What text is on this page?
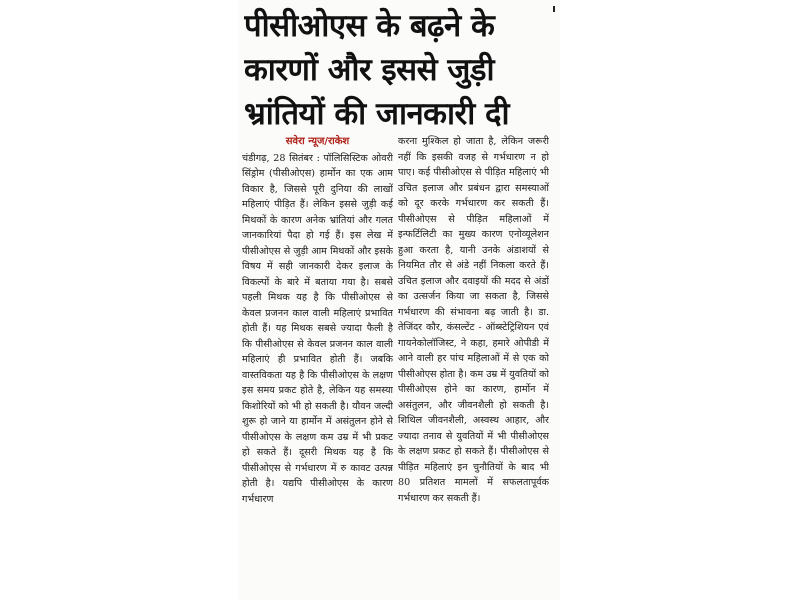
पीसीओएस के बढ़ने के
कारणों और इससे जुड़ी
भ्रांतियों की जानकारी दी
सवेरा न्यूज/राकेश

चंडीगढ़, 28 सितंबर : पॉलिसिस्टिक ओवरी सिंड्रोम (पीसीओएस) हार्मोन का एक आम विकार है, जिससे पूरी दुनिया की लाखों महिलाएं पीड़ित हैं। लेकिन इससे जुड़ी कई मिथकों के कारण अनेक भ्रांतियां और गलत जानकारियां पैदा हो गई हैं। इस लेख में पीसीओएस से जुड़ी आम मिथकों और इसके विषय में सही जानकारी देकर इलाज के विकल्पों के बारे में बताया गया है। सबसे पहली मिथक यह है कि पीसीओएस से केवल प्रजनन काल वाली महिलाएं प्रभावित होती हैं। यह मिथक सबसे ज्यादा फैली है कि पीसीओएस से केवल प्रजनन काल वाली महिलाएं ही प्रभावित होती हैं। जबकि वास्तविकता यह है कि पीसीओएस के लक्षण इस समय प्रकट होते है, लेकिन यह समस्या किशोरियों को भी हो सकती है। यौवन जल्दी शुरू हो जाने या हार्मोन में असंतुलन होने से पीसीओएस के लक्षण कम उम्र में भी प्रकट हो सकते हैं। दूसरी मिथक यह है कि पीसीओएस से गर्भधारण में रु कावट उत्पन्न होती है। यद्यपि पीसीओएस के कारण गर्भधारण

करना मुश्किल हो जाता है, लेकिन जरूरी नहीं कि इसकी वजह से गर्भधारण न हो पाए। कई पीसीओएस से पीड़ित महिलाएं भी उचित इलाज और प्रबंधन द्वारा समस्याओं को दूर करके गर्भधारण कर सकती हैं। पीसीओएस से पीड़ित महिलाओं में इन्फर्टिलिटी का मुख्य कारण एनोव्यूलेशन हुआ करता है, यानी उनके अंडाशयों से नियमित तौर से अंडे नहीं निकला करते हैं। उचित इलाज और दवाइयों की मदद से अंडों का उत्सर्जन किया जा सकता है, जिससे गर्भधारण की संभावना बढ़ जाती है। डा. तेजिंदर कौर, कंसल्टेंट - ऑब्स्टेट्रिशियन एवं गायनेकोलॉजिस्ट, ने कहा, हमारे ओपीडी में आने वाली हर पांच महिलाओं में से एक को पीसीओएस होता है। कम उम्र में युवतियों को पीसीओएस होने का कारण, हार्मोन में असंतुलन, और जीवनशैली हो सकती है। शिथिल जीवनशैली, अस्वस्थ आहार, और ज्यादा तनाव से युवतियों में भी पीसीओएस के लक्षण प्रकट हो सकते हैं। पीसीओएस से पीड़ित महिलाएं इन चुनौतियों के बाद भी 80 प्रतिशत मामलों में सफलतापूर्वक गर्भधारण कर सकती हैं।
